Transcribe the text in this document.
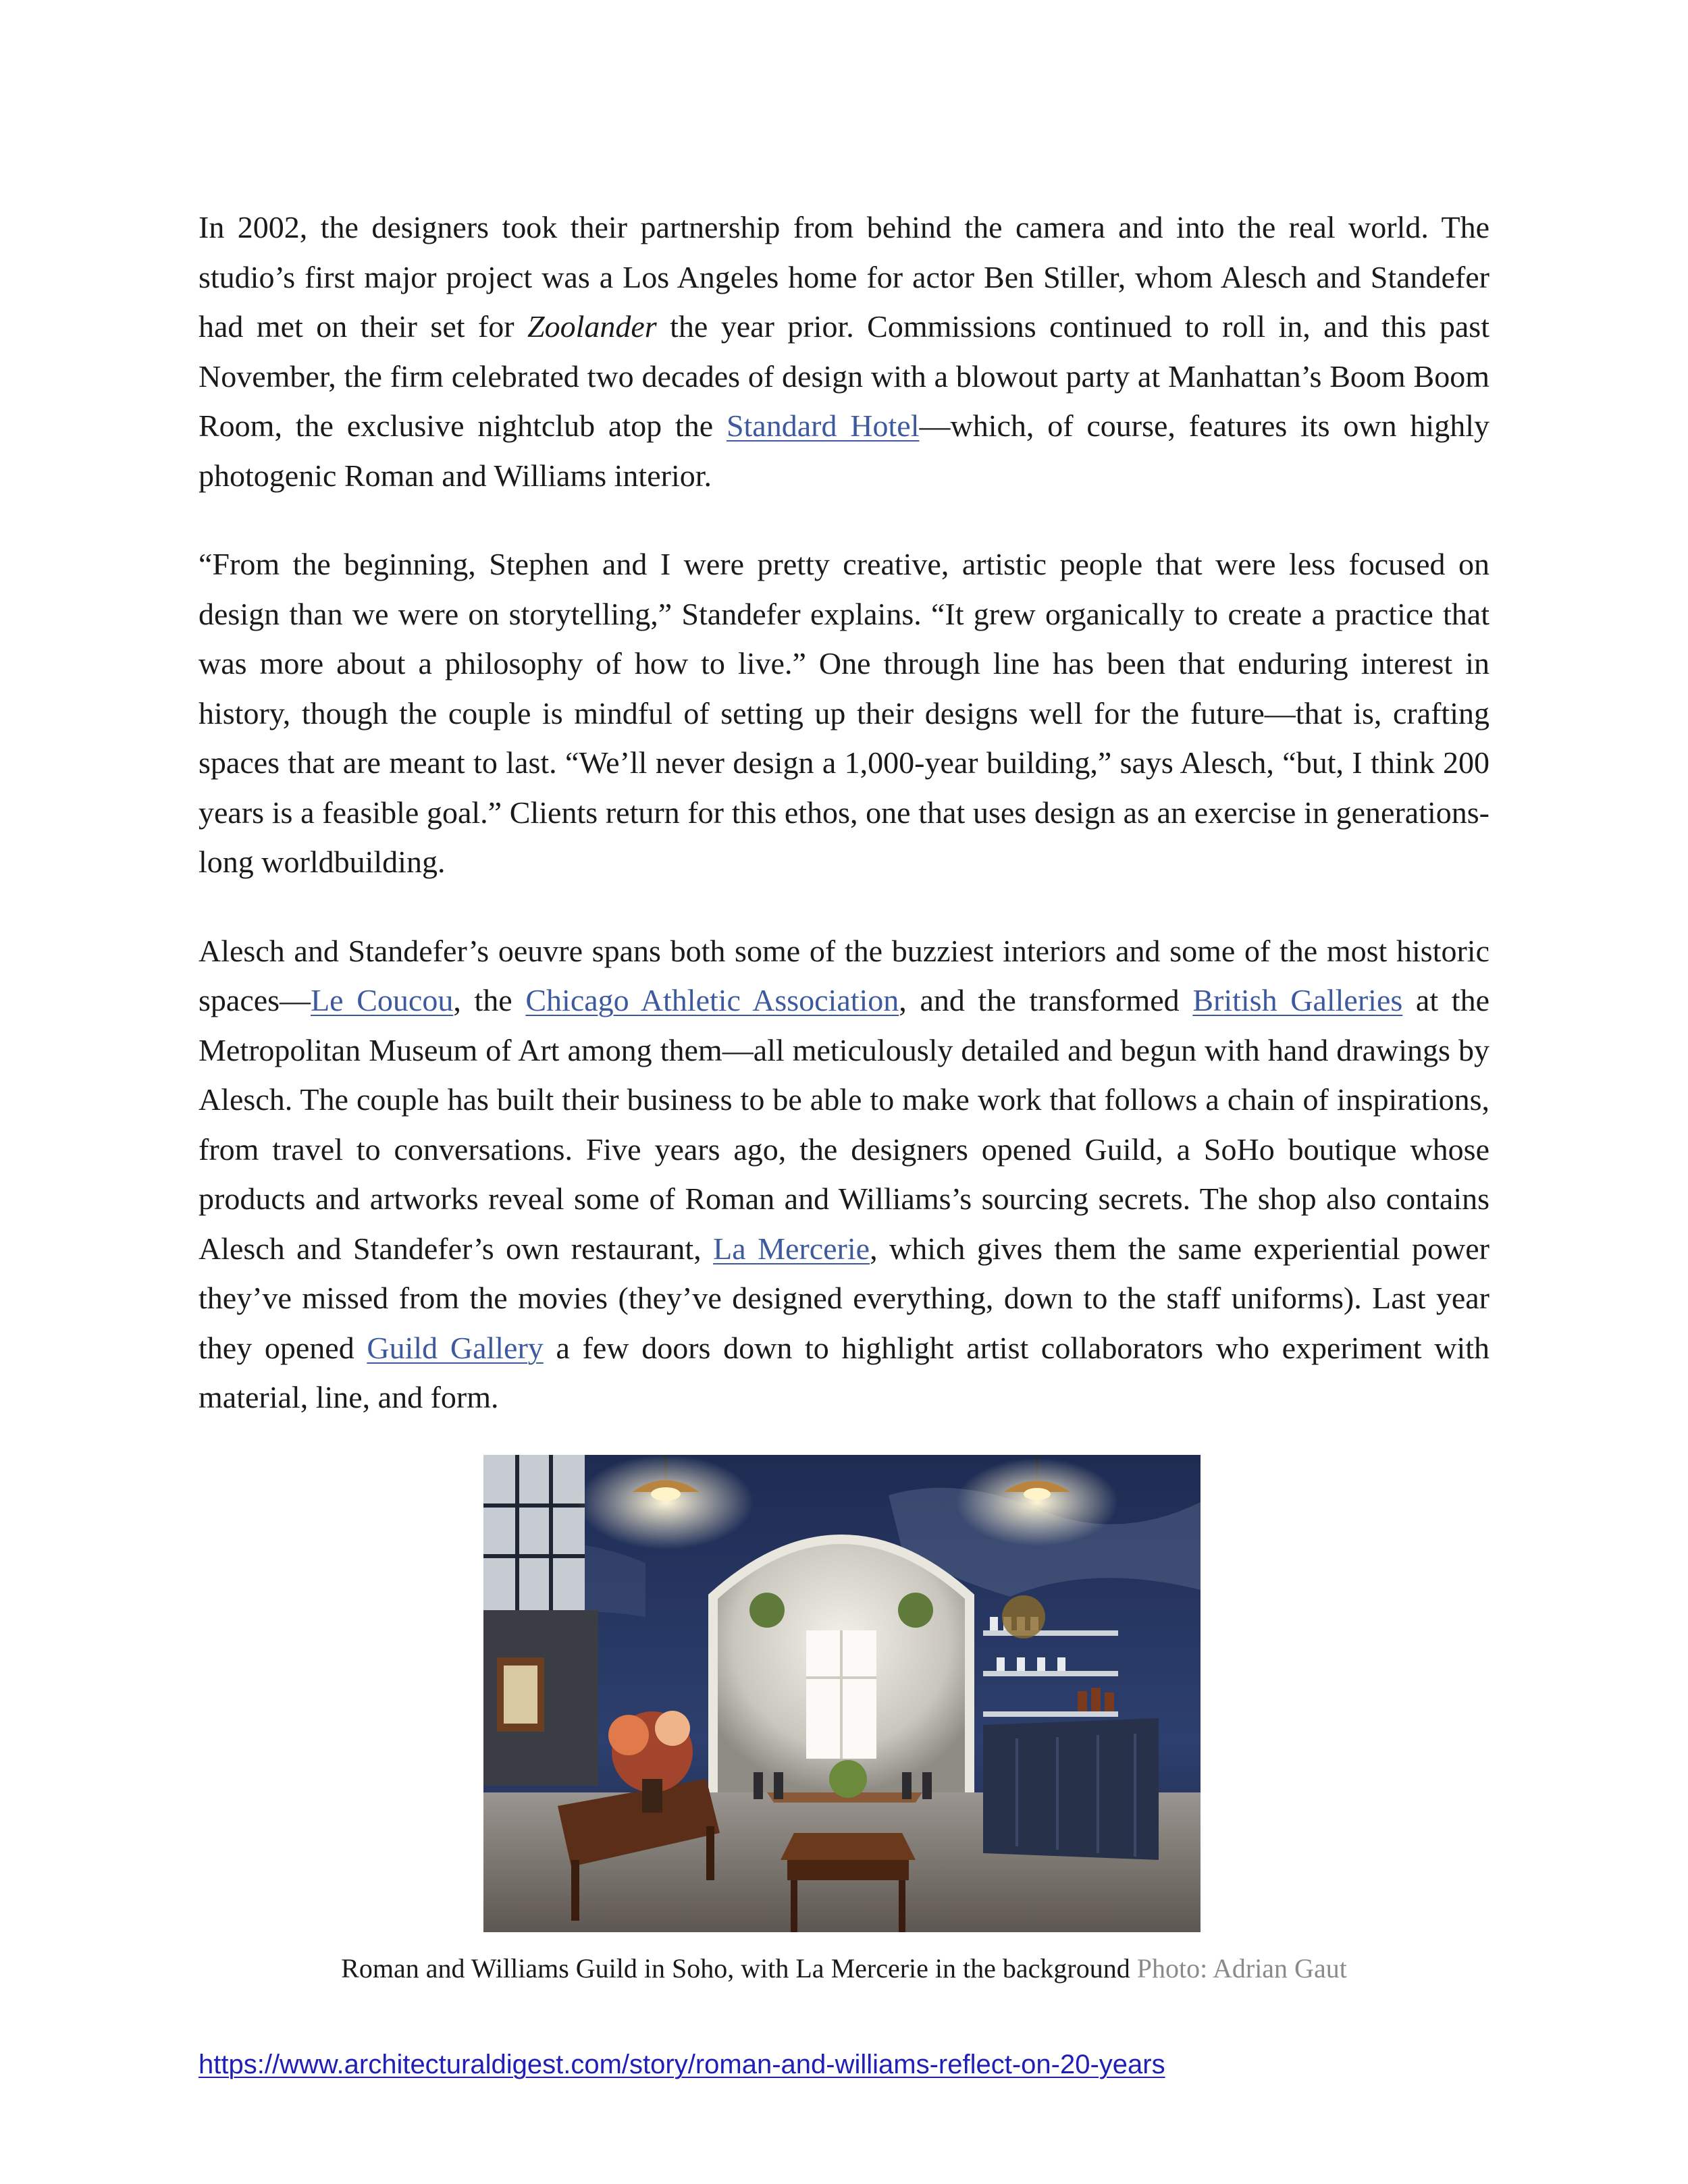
In 2002, the designers took their partnership from behind the camera and into the real world. The studio’s first major project was a Los Angeles home for actor Ben Stiller, whom Alesch and Standefer had met on their set for Zoolander the year prior. Commissions continued to roll in, and this past November, the firm celebrated two decades of design with a blowout party at Manhattan’s Boom Boom Room, the exclusive nightclub atop the Standard Hotel—which, of course, features its own highly photogenic Roman and Williams interior.

“From the beginning, Stephen and I were pretty creative, artistic people that were less focused on design than we were on storytelling,” Standefer explains. “It grew organically to create a practice that was more about a philosophy of how to live.” One through line has been that enduring interest in history, though the couple is mindful of setting up their designs well for the future—that is, crafting spaces that are meant to last. “We’ll never design a 1,000-year building,” says Alesch, “but, I think 200 years is a feasible goal.” Clients return for this ethos, one that uses design as an exercise in generations-long worldbuilding.

Alesch and Standefer’s oeuvre spans both some of the buzziest interiors and some of the most historic spaces—Le Coucou, the Chicago Athletic Association, and the transformed British Galleries at the Metropolitan Museum of Art among them—all meticulously detailed and begun with hand drawings by Alesch. The couple has built their business to be able to make work that follows a chain of inspirations, from travel to conversations. Five years ago, the designers opened Guild, a SoHo boutique whose products and artworks reveal some of Roman and Williams’s sourcing secrets. The shop also contains Alesch and Standefer’s own restaurant, La Mercerie, which gives them the same experiential power they’ve missed from the movies (they’ve designed everything, down to the staff uniforms). Last year they opened Guild Gallery a few doors down to highlight artist collaborators who experiment with material, line, and form.

Roman and Williams Guild in Soho, with La Mercerie in the background Photo: Adrian Gaut
https://www.architecturaldigest.com/story/roman-and-williams-reflect-on-20-years
